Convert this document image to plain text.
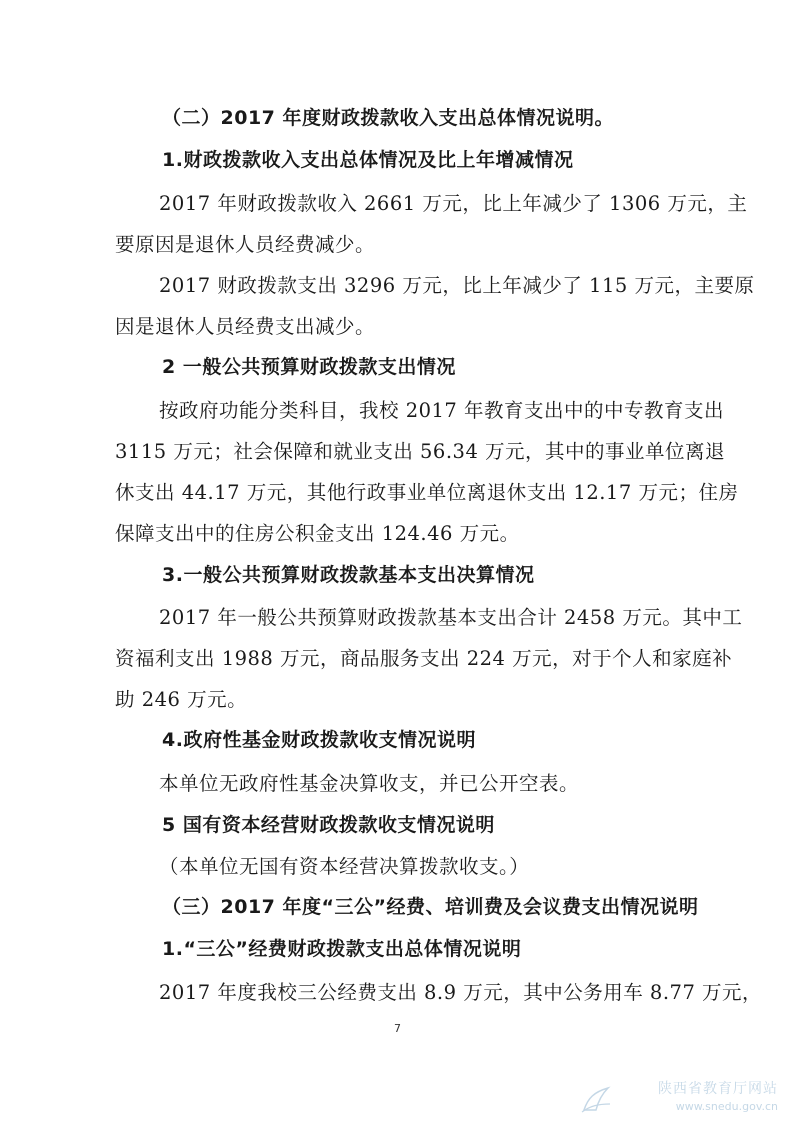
（二）2017 年度财政拨款收入支出总体情况说明。
1.财政拨款收入支出总体情况及比上年增减情况
2017 年财政拨款收入 2661 万元，比上年减少了 1306 万元，主
要原因是退休人员经费减少。
2017 财政拨款支出 3296 万元，比上年减少了 115 万元，主要原
因是退休人员经费支出减少。
2 一般公共预算财政拨款支出情况
按政府功能分类科目，我校 2017 年教育支出中的中专教育支出
3115 万元；社会保障和就业支出 56.34 万元，其中的事业单位离退
休支出 44.17 万元，其他行政事业单位离退休支出 12.17 万元；住房
保障支出中的住房公积金支出 124.46 万元。
3.一般公共预算财政拨款基本支出决算情况
2017 年一般公共预算财政拨款基本支出合计 2458 万元。其中工
资福利支出 1988 万元，商品服务支出 224 万元，对于个人和家庭补
助 246 万元。
4.政府性基金财政拨款收支情况说明
本单位无政府性基金决算收支，并已公开空表。
5 国有资本经营财政拨款收支情况说明
（本单位无国有资本经营决算拨款收支。）
（三）2017 年度“三公”经费、培训费及会议费支出情况说明
1.“三公”经费财政拨款支出总体情况说明
2017 年度我校三公经费支出 8.9 万元，其中公务用车 8.77 万元，
7
陕西省教育厅网站
www.snedu.gov.cn
